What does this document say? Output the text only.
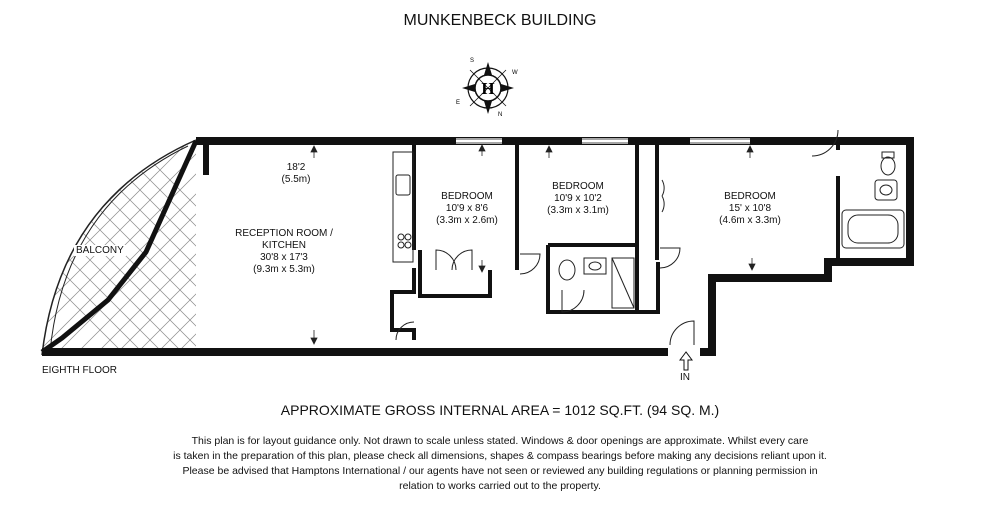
MUNKENBECK BUILDING
H
S
W
N
E
18'2
(5.5m)
RECEPTION ROOM /
KITCHEN
30'8 x 17'3
(9.3m x 5.3m)
BEDROOM
10'9 x 8'6
(3.3m x 2.6m)
BEDROOM
10'9 x 10'2
(3.3m x 3.1m)
BEDROOM
15' x 10'8
(4.6m x 3.3m)
BALCONY
EIGHTH FLOOR
IN
APPROXIMATE GROSS INTERNAL AREA = 1012 SQ.FT. (94 SQ. M.)
This plan is for layout guidance only. Not drawn to scale unless stated. Windows & door openings are approximate. Whilst every care
is taken in the preparation of this plan, please check all dimensions, shapes & compass bearings before making any decisions reliant upon it.
Please be advised that Hamptons International / our agents have not seen or reviewed any building regulations or planning permission in
relation to works carried out to the property.
